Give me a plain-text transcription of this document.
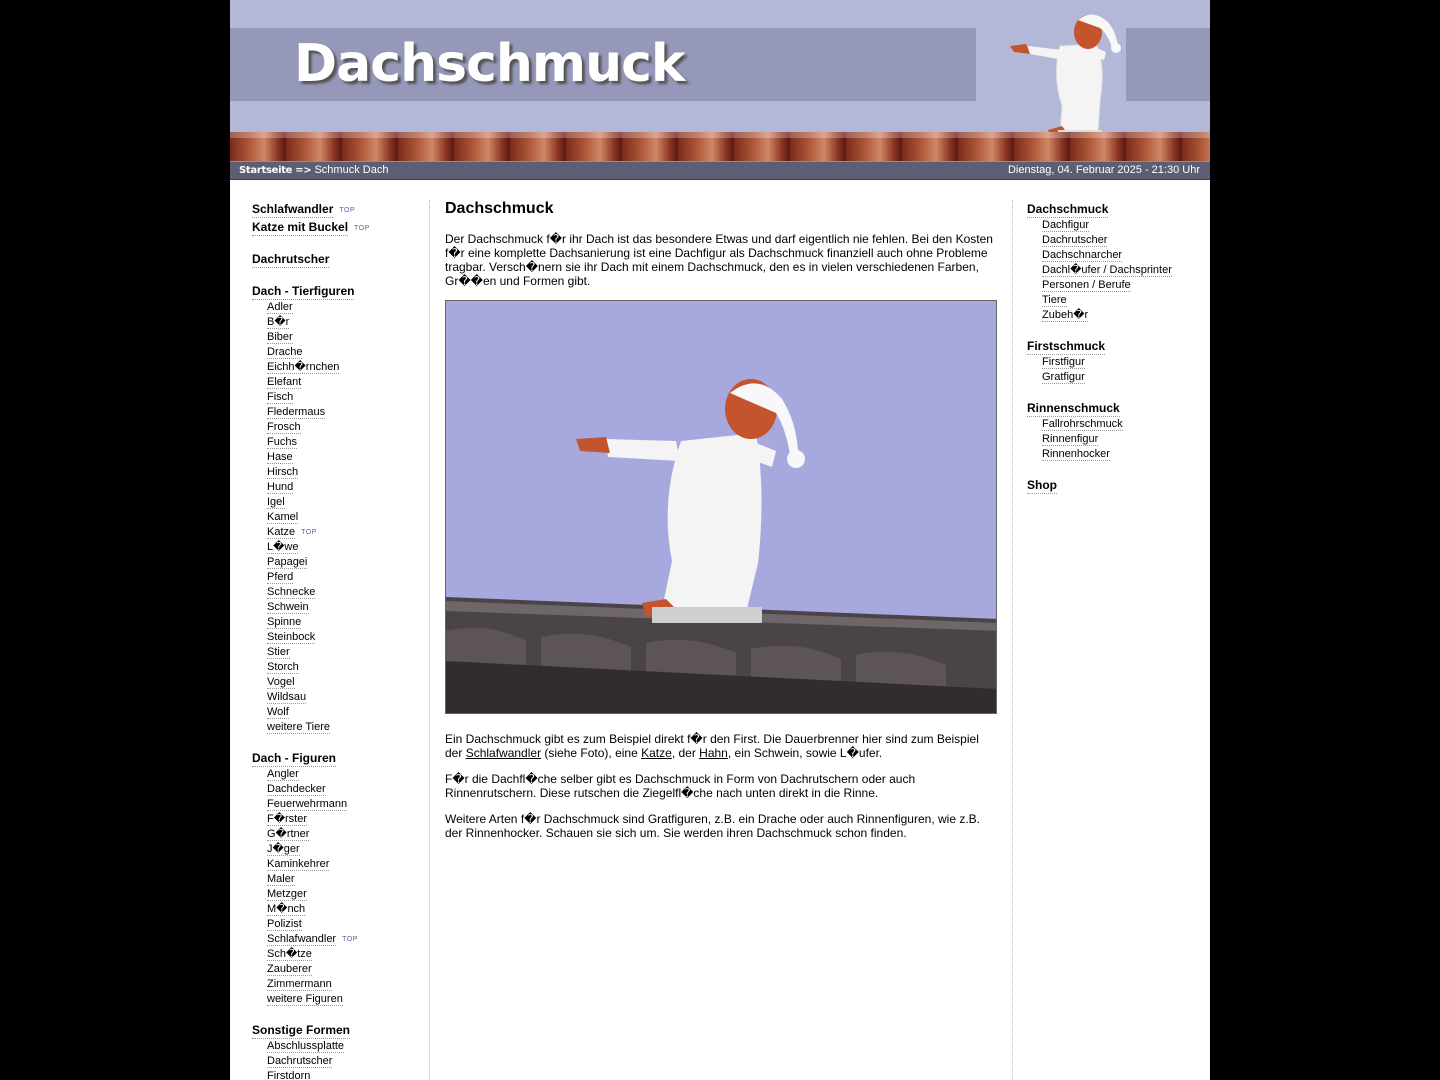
Dachschmuck
Startseite => Schmuck Dach	Dienstag, 04. Februar 2025 - 21:30 Uhr
Schlafwandler TOP
Katze mit Buckel TOP
Dachrutscher
Dach - Tierfiguren
Adler
B�r
Biber
Drache
Eichh�rnchen
Elefant
Fisch
Fledermaus
Frosch
Fuchs
Hase
Hirsch
Hund
Igel
Kamel
Katze TOP
L�we
Papagei
Pferd
Schnecke
Schwein
Spinne
Steinbock
Stier
Storch
Vogel
Wildsau
Wolf
weitere Tiere
Dach - Figuren
Angler
Dachdecker
Feuerwehrmann
F�rster
G�rtner
J�ger
Kaminkehrer
Maler
Metzger
M�nch
Polizist
Schlafwandler TOP
Sch�tze
Zauberer
Zimmermann
weitere Figuren
Sonstige Formen
Abschlussplatte
Dachrutscher
Firstdorn
Dachschmuck

Der Dachschmuck f�r ihr Dach ist das besondere Etwas und darf eigentlich nie fehlen. Bei den Kosten f�r eine komplette Dachsanierung ist eine Dachfigur als Dachschmuck finanziell auch ohne Probleme tragbar. Versch�nern sie ihr Dach mit einem Dachschmuck, den es in vielen verschiedenen Farben, Gr��en und Formen gibt.

Ein Dachschmuck gibt es zum Beispiel direkt f�r den First. Die Dauerbrenner hier sind zum Beispiel der Schlafwandler (siehe Foto), eine Katze, der Hahn, ein Schwein, sowie L�ufer.

F�r die Dachfl�che selber gibt es Dachschmuck in Form von Dachrutschern oder auch Rinnenrutschern. Diese rutschen die Ziegelfl�che nach unten direkt in die Rinne.

Weitere Arten f�r Dachschmuck sind Gratfiguren, z.B. ein Drache oder auch Rinnenfiguren, wie z.B. der Rinnenhocker. Schauen sie sich um. Sie werden ihren Dachschmuck schon finden.

Dachschmuck
Dachfigur
Dachrutscher
Dachschnarcher
Dachl�ufer / Dachsprinter
Personen / Berufe
Tiere
Zubeh�r
Firstschmuck
Firstfigur
Gratfigur
Rinnenschmuck
Fallrohrschmuck
Rinnenfigur
Rinnenhocker
Shop
